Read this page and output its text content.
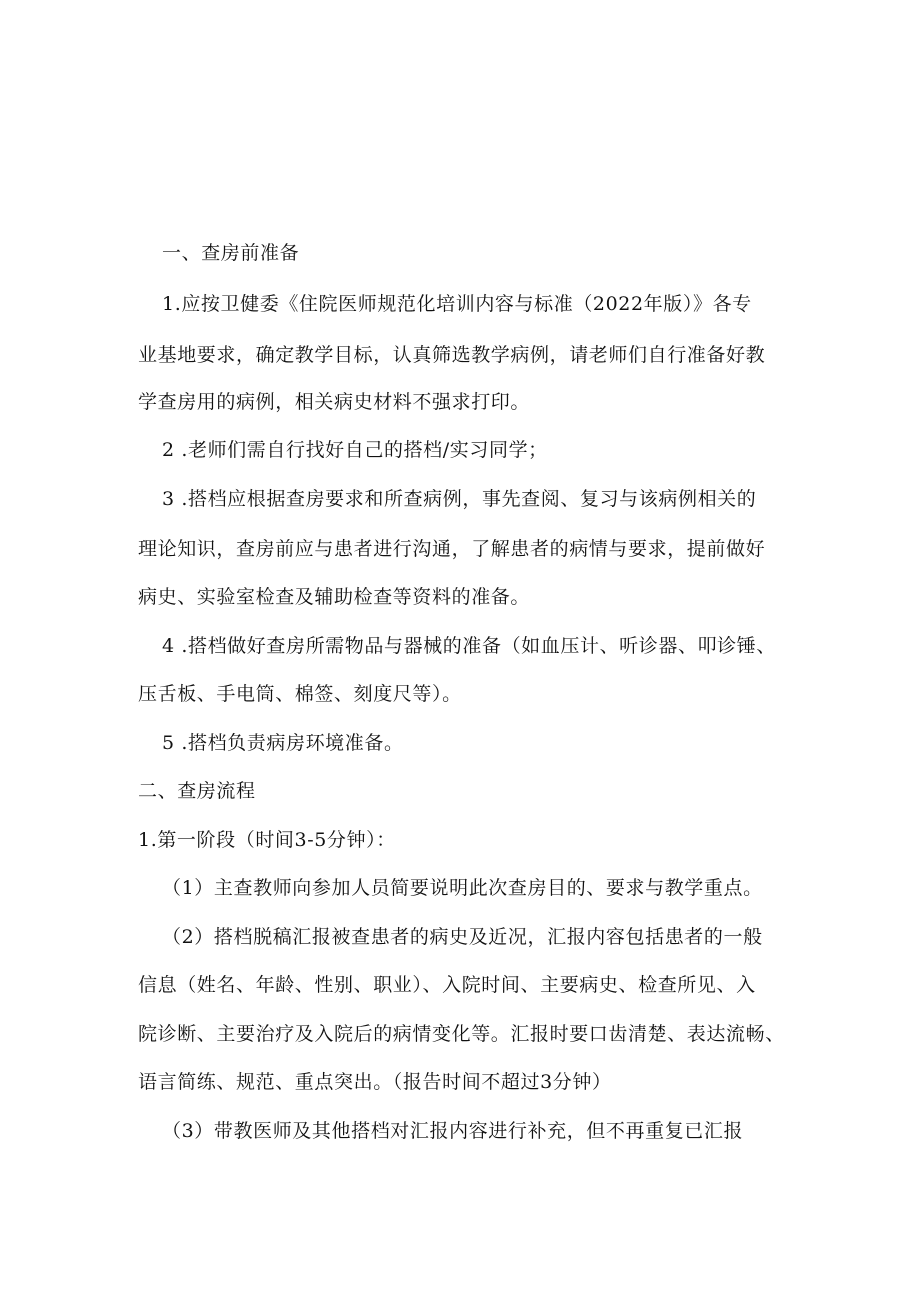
一、查房前准备
1.应按卫健委《住院医师规范化培训内容与标准（2022年版）》各专
业基地要求，确定教学目标，认真筛选教学病例，请老师们自行准备好教
学查房用的病例，相关病史材料不强求打印。
2 .老师们需自行找好自己的搭档/实习同学；
3 .搭档应根据查房要求和所查病例，事先查阅、复习与该病例相关的
理论知识，查房前应与患者进行沟通，了解患者的病情与要求，提前做好
病史、实验室检查及辅助检查等资料的准备。
4 .搭档做好查房所需物品与器械的准备（如血压计、听诊器、叩诊锤、
压舌板、手电筒、棉签、刻度尺等）。
5 .搭档负责病房环境准备。
二、查房流程
1.第一阶段（时间3-5分钟）：
（1）主查教师向参加人员简要说明此次查房目的、要求与教学重点。
（2）搭档脱稿汇报被查患者的病史及近况，汇报内容包括患者的一般
信息（姓名、年龄、性别、职业）、入院时间、主要病史、检查所见、入
院诊断、主要治疗及入院后的病情变化等。汇报时要口齿清楚、表达流畅、
语言简练、规范、重点突出。（报告时间不超过3分钟）
（3）带教医师及其他搭档对汇报内容进行补充，但不再重复已汇报
